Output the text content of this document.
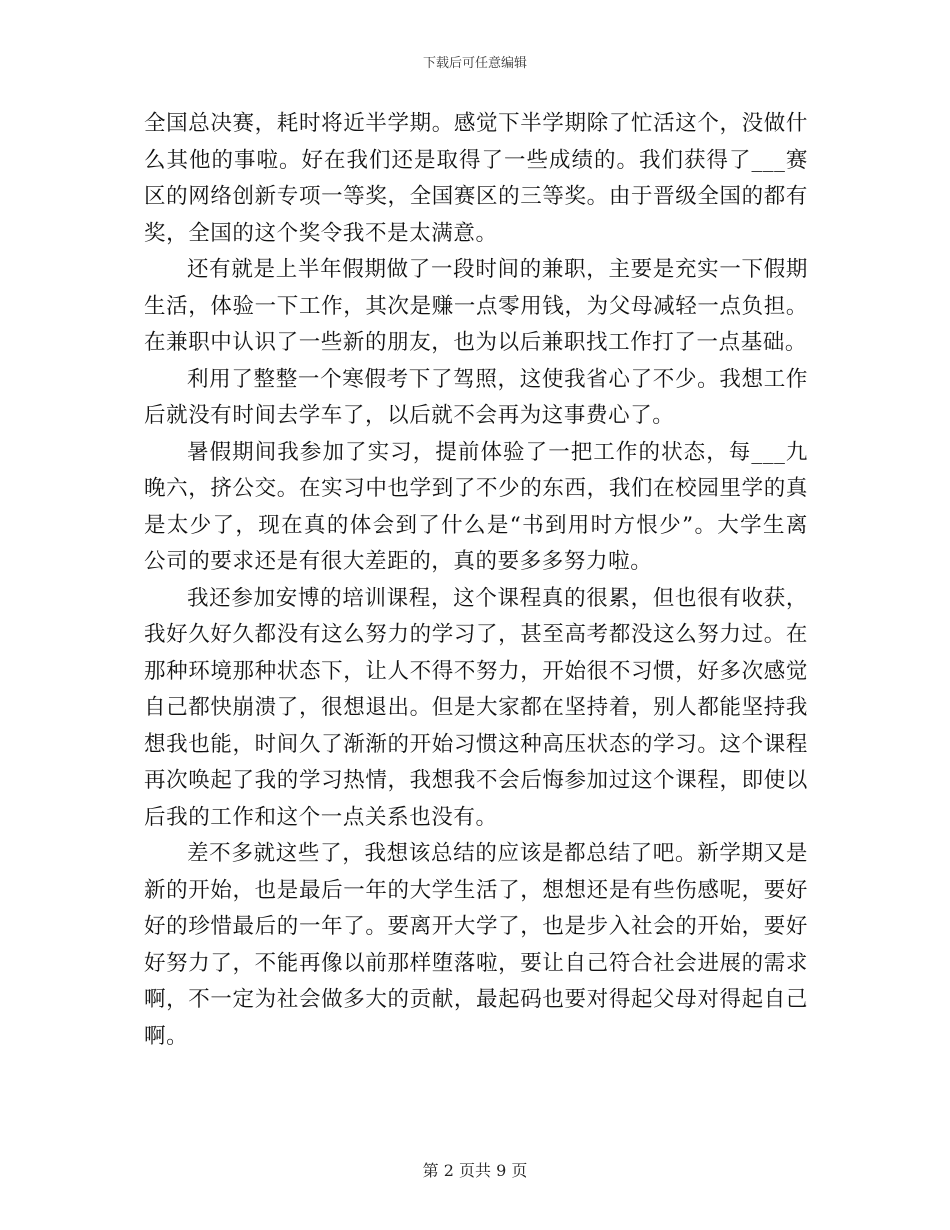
下载后可任意编辑

全国总决赛，耗时将近半学期。感觉下半学期除了忙活这个，没做什么其他的事啦。好在我们还是取得了一些成绩的。我们获得了___赛区的网络创新专项一等奖，全国赛区的三等奖。由于晋级全国的都有奖，全国的这个奖令我不是太满意。

还有就是上半年假期做了一段时间的兼职，主要是充实一下假期生活，体验一下工作，其次是赚一点零用钱，为父母减轻一点负担。在兼职中认识了一些新的朋友，也为以后兼职找工作打了一点基础。

利用了整整一个寒假考下了驾照，这使我省心了不少。我想工作后就没有时间去学车了，以后就不会再为这事费心了。

暑假期间我参加了实习，提前体验了一把工作的状态，每___九晚六，挤公交。在实习中也学到了不少的东西，我们在校园里学的真是太少了，现在真的体会到了什么是“书到用时方恨少”。大学生离公司的要求还是有很大差距的，真的要多多努力啦。

我还参加安博的培训课程，这个课程真的很累，但也很有收获，我好久好久都没有这么努力的学习了，甚至高考都没这么努力过。在那种环境那种状态下，让人不得不努力，开始很不习惯，好多次感觉自己都快崩溃了，很想退出。但是大家都在坚持着，别人都能坚持我想我也能，时间久了渐渐的开始习惯这种高压状态的学习。这个课程再次唤起了我的学习热情，我想我不会后悔参加过这个课程，即使以后我的工作和这个一点关系也没有。

差不多就这些了，我想该总结的应该是都总结了吧。新学期又是新的开始，也是最后一年的大学生活了，想想还是有些伤感呢，要好好的珍惜最后的一年了。要离开大学了，也是步入社会的开始，要好好努力了，不能再像以前那样堕落啦，要让自己符合社会进展的需求啊，不一定为社会做多大的贡献，最起码也要对得起父母对得起自己啊。

第 2 页共 9 页
